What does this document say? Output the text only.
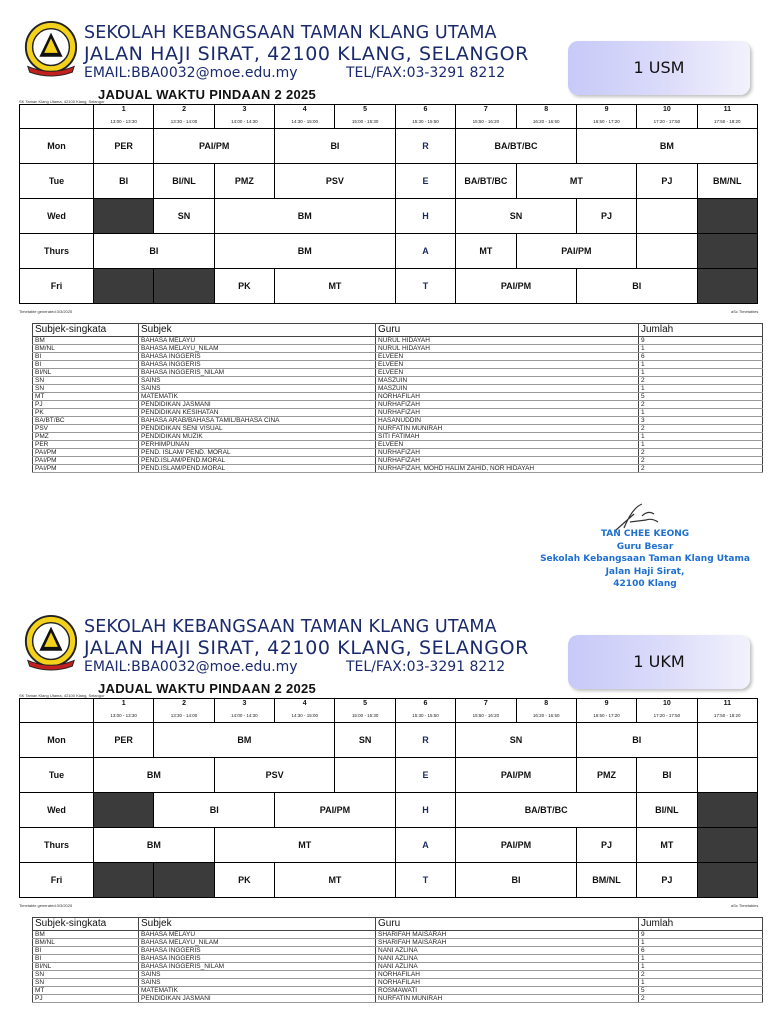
SEKOLAH KEBANGSAAN TAMAN KLANG UTAMA
JALAN HAJI SIRAT, 42100 KLANG, SELANGOR
EMAIL:BBA0032@moe.edu.my	TEL/FAX:03-3291 8212	1 USM
SK Taman Klang Utama, 42100 Klang, Selangor
JADUAL WAKTU PINDAAN 2 2025
	1	2	3	4	5	6	7	8	9	10	11
	13:00 - 13:30	13:30 - 14:00	14:00 - 14:30	14:30 - 15:00	15:00 - 15:30	15:30 - 15:50	15:50 - 16:20	16:20 - 16:50	16:50 - 17:20	17:20 - 17:50	17:50 - 18:20
Mon	PER	PAI/PM		BI		R	BA/BT/BC		BM		
Tue	BI	BI/NL	PMZ	PSV		E	BA/BT/BC	MT		PJ	BM/NL
Wed		SN	BM			H	SN		PJ		
Thurs	BI		BM			A	MT	PAI/PM			
Fri			PK	MT		T	PAI/PM		BI		
Timetable generated:3/3/2025	aSc Timetables
Subjek-singkata	Subjek	Guru	Jumlah
BM	BAHASA MELAYU	NURUL HIDAYAH	9
BM/NL	BAHASA MELAYU_NILAM	NURUL HIDAYAH	1
BI	BAHASA INGGERIS	ELVEEN	6
BI	BAHASA INGGERIS	ELVEEN	1
BI/NL	BAHASA INGGERIS_NILAM	ELVEEN	1
SN	SAINS	MASZUIN	2
SN	SAINS	MASZUIN	1
MT	MATEMATIK	NORHAFILAH	5
PJ	PENDIDIKAN JASMANI	NURHAFIZAH	2
PK	PENDIDIKAN KESIHATAN	NURHAFIZAH	1
BA/BT/BC	BAHASA ARAB/BAHASA TAMIL/BAHASA CINA	HASANUDDIN	3
PSV	PENDIDIKAN SENI VISUAL	NURFATIN MUNIRAH	2
PMZ	PENDIDIKAN MUZIK	SITI FATIMAH	1
PER	PERHIMPUNAN	ELVEEN	1
PAI/PM	PEND. ISLAM/ PEND. MORAL	NURHAFIZAH	2
PAI/PM	PEND.ISLAM/PEND.MORAL	NURHAFIZAH	2
PAI/PM	PEND.ISLAM/PEND.MORAL	NURHAFIZAH, MOHD HALIM ZAHID, NOR HIDAYAH	2
TAN CHEE KEONG
Guru Besar
Sekolah Kebangsaan Taman Klang Utama
Jalan Haji Sirat,
42100 Klang
SEKOLAH KEBANGSAAN TAMAN KLANG UTAMA
JALAN HAJI SIRAT, 42100 KLANG, SELANGOR
EMAIL:BBA0032@moe.edu.my	TEL/FAX:03-3291 8212	1 UKM
SK Taman Klang Utama, 42100 Klang, Selangor
JADUAL WAKTU PINDAAN 2 2025
	1	2	3	4	5	6	7	8	9	10	11
	13:00 - 13:30	13:30 - 14:00	14:00 - 14:30	14:30 - 15:00	15:00 - 15:30	15:30 - 15:50	15:50 - 16:20	16:20 - 16:50	16:50 - 17:20	17:20 - 17:50	17:50 - 18:20
Mon	PER	BM			SN	R	SN		BI		
Tue	BM		PSV			E	PAI/PM		PMZ	BI	
Wed		BI		PAI/PM		H	BA/BT/BC			BI/NL	
Thurs	BM		MT			A	PAI/PM		PJ	MT	
Fri			PK	MT		T	BI		BM/NL	PJ	
Timetable generated:3/3/2025	aSc Timetables
Subjek-singkata	Subjek	Guru	Jumlah
BM	BAHASA MELAYU	SHARIFAH MAISARAH	9
BM/NL	BAHASA MELAYU_NILAM	SHARIFAH MAISARAH	1
BI	BAHASA INGGERIS	NANI AZLINA	6
BI	BAHASA INGGERIS	NANI AZLINA	1
BI/NL	BAHASA INGGERIS_NILAM	NANI AZLINA	1
SN	SAINS	NORHAFILAH	2
SN	SAINS	NORHAFILAH	1
MT	MATEMATIK	ROSMAWATI	5
PJ	PENDIDIKAN JASMANI	NURFATIN MUNIRAH	2
